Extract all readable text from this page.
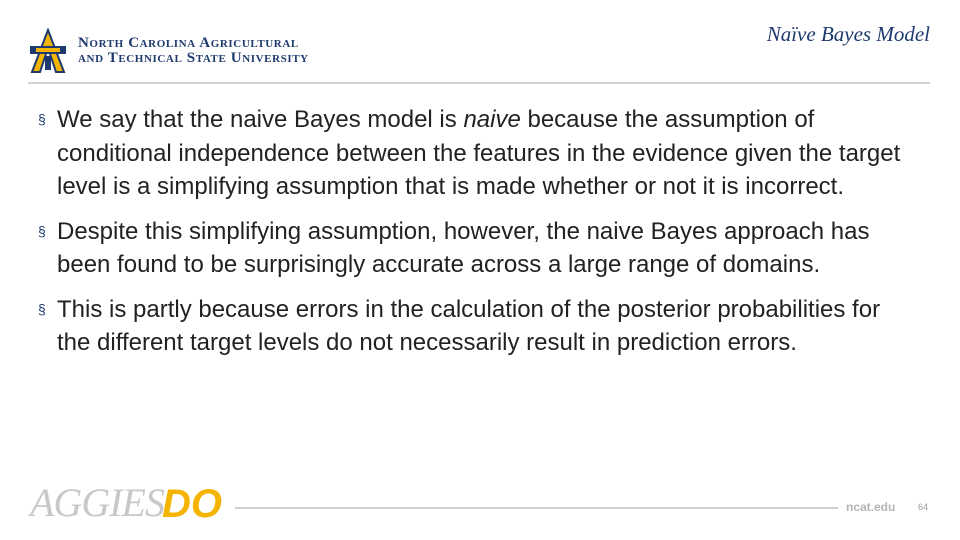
North Carolina Agricultural
and Technical State University
Naïve Bayes Model
§ We say that the naive Bayes model is naive because the assumption of conditional independence between the features in the evidence given the target level is a simplifying assumption that is made whether or not it is incorrect.
§ Despite this simplifying assumption, however, the naive Bayes approach has been found to be surprisingly accurate across a large range of domains.
§ This is partly because errors in the calculation of the posterior probabilities for the different target levels do not necessarily result in prediction errors.
AGGIES
DO	ncat.edu	64
